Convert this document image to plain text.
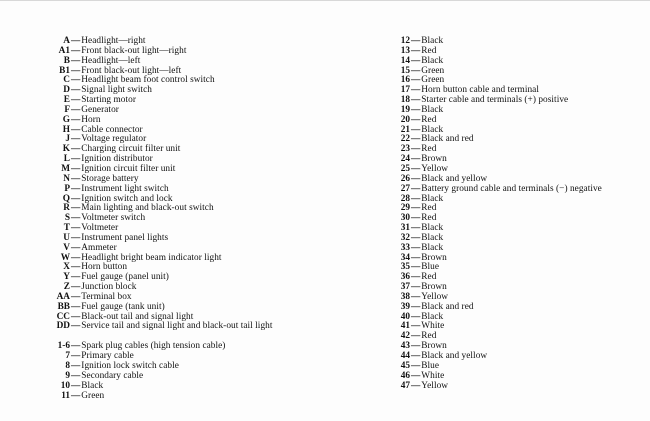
A — Headlight—right
A1 — Front black-out light—right
B — Headlight—left
B1 — Front black-out light—left
C — Headlight beam foot control switch
D — Signal light switch
E — Starting motor
F — Generator
G — Horn
H — Cable connector
J — Voltage regulator
K — Charging circuit filter unit
L — Ignition distributor
M — Ignition circuit filter unit
N — Storage battery
P — Instrument light switch
Q — Ignition switch and lock
R — Main lighting and black-out switch
S — Voltmeter switch
T — Voltmeter
U — Instrument panel lights
V — Ammeter
W — Headlight bright beam indicator light
X — Horn button
Y — Fuel gauge (panel unit)
Z — Junction block
AA — Terminal box
BB — Fuel gauge (tank unit)
CC — Black-out tail and signal light
DD — Service tail and signal light and black-out tail light
1-6 — Spark plug cables (high tension cable)
7 — Primary cable
8 — Ignition lock switch cable
9 — Secondary cable
10 — Black
11 — Green
12 — Black
13 — Red
14 — Black
15 — Green
16 — Green
17 — Horn button cable and terminal
18 — Starter cable and terminals (+) positive
19 — Black
20 — Red
21 — Black
22 — Black and red
23 — Red
24 — Brown
25 — Yellow
26 — Black and yellow
27 — Battery ground cable and terminals (−) negative
28 — Black
29 — Red
30 — Red
31 — Black
32 — Black
33 — Black
34 — Brown
35 — Blue
36 — Red
37 — Brown
38 — Yellow
39 — Black and red
40 — Black
41 — White
42 — Red
43 — Brown
44 — Black and yellow
45 — Blue
46 — White
47 — Yellow
